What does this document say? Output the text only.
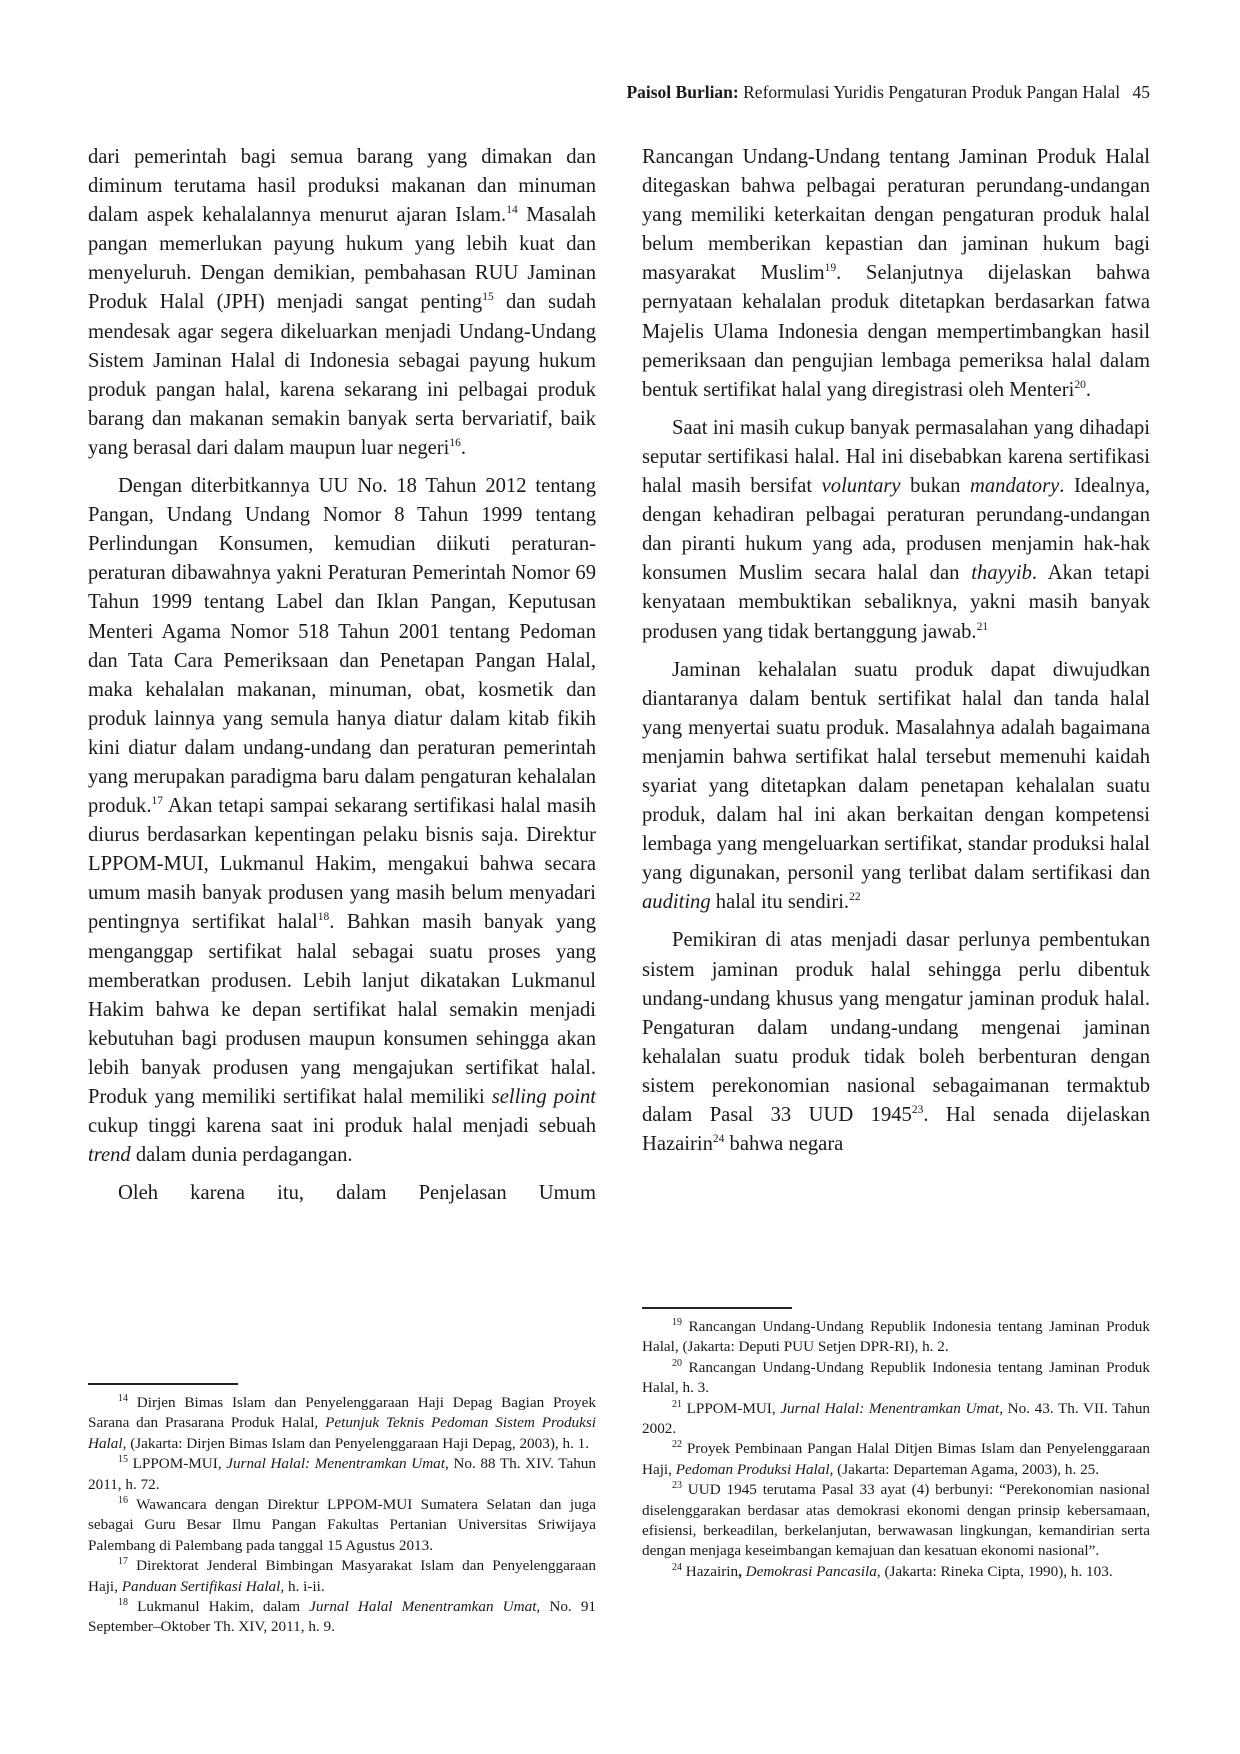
Paisol Burlian: Reformulasi Yuridis Pengaturan Produk Pangan Halal 45

dari pemerintah bagi semua barang yang dimakan dan diminum terutama hasil produksi makanan dan minuman dalam aspek kehalalannya menurut ajaran Islam.$^{14}$ Masalah pangan memerlukan payung hukum yang lebih kuat dan menyeluruh. Dengan demikian, pembahasan RUU Jaminan Produk Halal (JPH) menjadi sangat penting$^{15}$ dan sudah mendesak agar segera dikeluarkan menjadi Undang-Undang Sistem Jaminan Halal di Indonesia sebagai payung hukum produk pangan halal, karena sekarang ini pelbagai produk barang dan makanan semakin banyak serta bervariatif, baik yang berasal dari dalam maupun luar negeri$^{16}$.

Dengan diterbitkannya UU No. 18 Tahun 2012 tentang Pangan, Undang Undang Nomor 8 Tahun 1999 tentang Perlindungan Konsumen, kemudian diikuti peraturan-peraturan dibawahnya yakni Peraturan Pemerintah Nomor 69 Tahun 1999 tentang Label dan Iklan Pangan, Keputusan Menteri Agama Nomor 518 Tahun 2001 tentang Pedoman dan Tata Cara Pemeriksaan dan Penetapan Pangan Halal, maka kehalalan makanan, minuman, obat, kosmetik dan produk lainnya yang semula hanya diatur dalam kitab fikih kini diatur dalam undang-undang dan peraturan pemerintah yang merupakan paradigma baru dalam pengaturan kehalalan produk.$^{17}$ Akan tetapi sampai sekarang sertifikasi halal masih diurus berdasarkan kepentingan pelaku bisnis saja. Direktur LPPOM-MUI, Lukmanul Hakim, mengakui bahwa secara umum masih banyak produsen yang masih belum menyadari pentingnya sertifikat halal$^{18}$. Bahkan masih banyak yang menganggap sertifikat halal sebagai suatu proses yang memberatkan produsen. Lebih lanjut dikatakan Lukmanul Hakim bahwa ke depan sertifikat halal semakin menjadi kebutuhan bagi produsen maupun konsumen sehingga akan lebih banyak produsen yang mengajukan sertifikat halal. Produk yang memiliki sertifikat halal memiliki selling point cukup tinggi karena saat ini produk halal menjadi sebuah trend dalam dunia perdagangan.

Oleh karena itu, dalam Penjelasan Umum

$^{14}$ Dirjen Bimas Islam dan Penyelenggaraan Haji Depag Bagian Proyek Sarana dan Prasarana Produk Halal, Petunjuk Teknis Pedoman Sistem Produksi Halal, (Jakarta: Dirjen Bimas Islam dan Penyelenggaraan Haji Depag, 2003), h. 1.

$^{15}$ LPPOM-MUI, Jurnal Halal: Menentramkan Umat, No. 88 Th. XIV. Tahun 2011, h. 72.

$^{16}$ Wawancara dengan Direktur LPPOM-MUI Sumatera Selatan dan juga sebagai Guru Besar Ilmu Pangan Fakultas Pertanian Universitas Sriwijaya Palembang di Palembang pada tanggal 15 Agustus 2013.

$^{17}$ Direktorat Jenderal Bimbingan Masyarakat Islam dan Penyelenggaraan Haji, Panduan Sertifikasi Halal, h. i-ii.

$^{18}$ Lukmanul Hakim, dalam Jurnal Halal Menentramkan Umat, No. 91 September–Oktober Th. XIV, 2011, h. 9.

Rancangan Undang-Undang tentang Jaminan Produk Halal ditegaskan bahwa pelbagai peraturan perundang-undangan yang memiliki keterkaitan dengan pengaturan produk halal belum memberikan kepastian dan jaminan hukum bagi masyarakat Muslim$^{19}$. Selanjutnya dijelaskan bahwa pernyataan kehalalan produk ditetapkan berdasarkan fatwa Majelis Ulama Indonesia dengan mempertimbangkan hasil pemeriksaan dan pengujian lembaga pemeriksa halal dalam bentuk sertifikat halal yang diregistrasi oleh Menteri$^{20}$.

Saat ini masih cukup banyak permasalahan yang dihadapi seputar sertifikasi halal. Hal ini disebabkan karena sertifikasi halal masih bersifat voluntary bukan mandatory. Idealnya, dengan kehadiran pelbagai peraturan perundang-undangan dan piranti hukum yang ada, produsen menjamin hak-hak konsumen Muslim secara halal dan thayyib. Akan tetapi kenyataan membuktikan sebaliknya, yakni masih banyak produsen yang tidak bertanggung jawab.$^{21}$

Jaminan kehalalan suatu produk dapat diwujudkan diantaranya dalam bentuk sertifikat halal dan tanda halal yang menyertai suatu produk. Masalahnya adalah bagaimana menjamin bahwa sertifikat halal tersebut memenuhi kaidah syariat yang ditetapkan dalam penetapan kehalalan suatu produk, dalam hal ini akan berkaitan dengan kompetensi lembaga yang mengeluarkan sertifikat, standar produksi halal yang digunakan, personil yang terlibat dalam sertifikasi dan auditing halal itu sendiri.$^{22}$

Pemikiran di atas menjadi dasar perlunya pembentukan sistem jaminan produk halal sehingga perlu dibentuk undang-undang khusus yang mengatur jaminan produk halal. Pengaturan dalam undang-undang mengenai jaminan kehalalan suatu produk tidak boleh berbenturan dengan sistem perekonomian nasional sebagaimanan termaktub dalam Pasal 33 UUD 1945$^{23}$. Hal senada dijelaskan Hazairin$^{24}$ bahwa negara

$^{19}$ Rancangan Undang-Undang Republik Indonesia tentang Jaminan Produk Halal, (Jakarta: Deputi PUU Setjen DPR-RI), h. 2.

$^{20}$ Rancangan Undang-Undang Republik Indonesia tentang Jaminan Produk Halal, h. 3.

$^{21}$ LPPOM-MUI, Jurnal Halal: Menentramkan Umat, No. 43. Th. VII. Tahun 2002.

$^{22}$ Proyek Pembinaan Pangan Halal Ditjen Bimas Islam dan Penyelenggaraan Haji, Pedoman Produksi Halal, (Jakarta: Departeman Agama, 2003), h. 25.

$^{23}$ UUD 1945 terutama Pasal 33 ayat (4) berbunyi: “Perekonomian nasional diselenggarakan berdasar atas demokrasi ekonomi dengan prinsip kebersamaan, efisiensi, berkeadilan, berkelanjutan, berwawasan lingkungan, kemandirian serta dengan menjaga keseimbangan kemajuan dan kesatuan ekonomi nasional”.

$^{24}$ Hazairin, Demokrasi Pancasila, (Jakarta: Rineka Cipta, 1990), h. 103.
